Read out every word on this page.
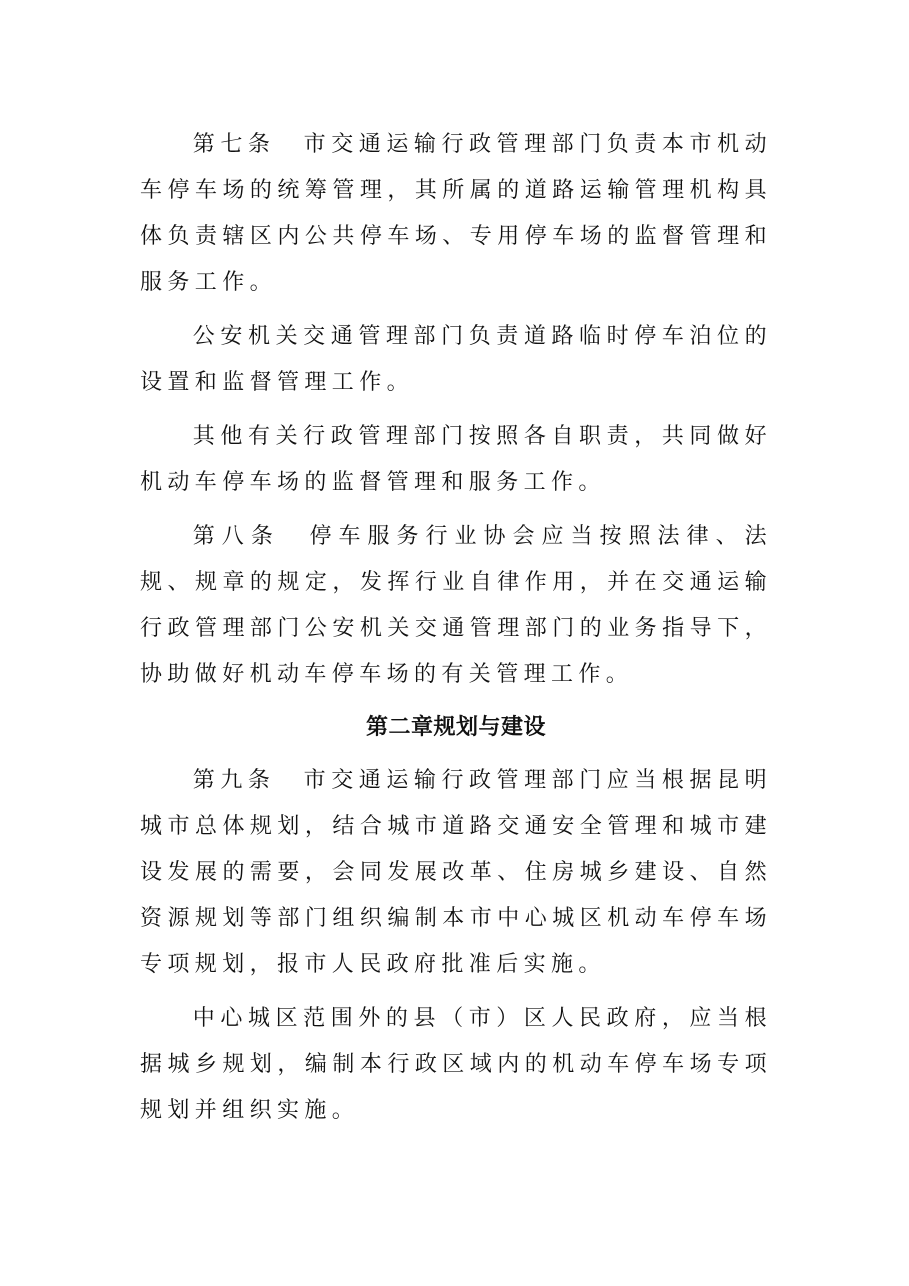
第七条 市交通运输行政管理部门负责本市机动车停车场的统筹管理，其所属的道路运输管理机构具体负责辖区内公共停车场、专用停车场的监督管理和服务工作。

公安机关交通管理部门负责道路临时停车泊位的设置和监督管理工作。

其他有关行政管理部门按照各自职责，共同做好机动车停车场的监督管理和服务工作。

第八条 停车服务行业协会应当按照法律、法规、规章的规定，发挥行业自律作用，并在交通运输行政管理部门公安机关交通管理部门的业务指导下，协助做好机动车停车场的有关管理工作。

第二章规划与建设

第九条 市交通运输行政管理部门应当根据昆明城市总体规划，结合城市道路交通安全管理和城市建设发展的需要，会同发展改革、住房城乡建设、自然资源规划等部门组织编制本市中心城区机动车停车场专项规划，报市人民政府批准后实施。

中心城区范围外的县（市）区人民政府，应当根据城乡规划，编制本行政区域内的机动车停车场专项规划并组织实施。
